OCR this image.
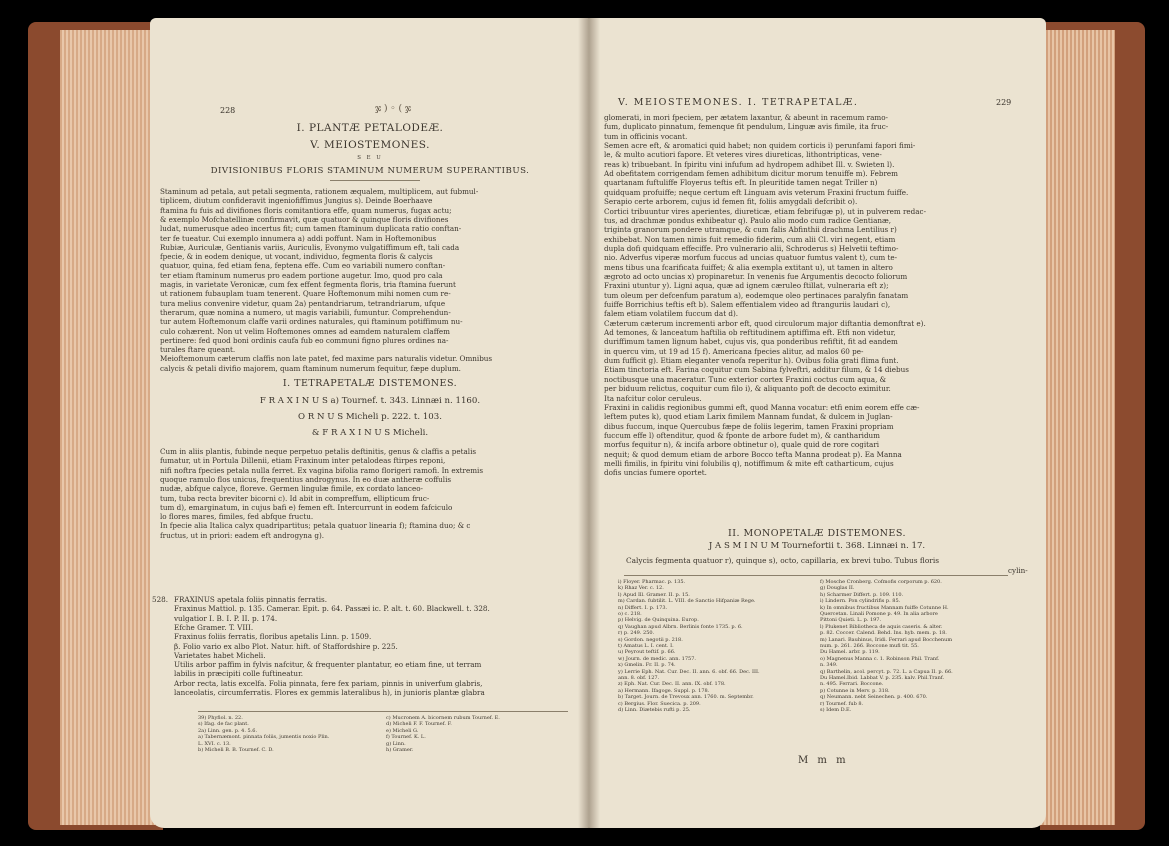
228	ჯ ) ◦ ( ჯ
I. PLANTÆ PETALODEÆ.
V. MEIOSTEMONES.
S E U
DIVISIONIBUS FLORIS STAMINUM NUMERUM SUPERANTIBUS.
Staminum ad petala, aut petali segmenta, rationem æqualem, multiplicem, aut fubmul-
tiplicem, diutum confideravit ingeniofiffimus Jungius s). Deinde Boerhaave
ftamina fu fuis ad divifiones floris comitantiora effe, quam numerus, fugax actu;
& exemplo Mofchatellinæ confirmavit, quæ quatuor & quinque floris divifiones
ludat, numerusque adeo incertus fit; cum tamen ftaminum duplicata ratio conftan-
ter fe tueatur. Cui exemplo innumera a) addi poffunt. Nam in Hoftemonibus
Rubiæ, Auriculæ, Gentianis variis, Auriculis, Evonymo vulgatiffimum eft, tali cada
fpecie, & in eodem denique, ut vocant, individuo, fegmenta floris & calycis
quatuor, quina, fed etiam fena, feptena effe. Cum eo variabili numero conftan-
ter etiam ftaminum numerus pro eadem portione augetur. Imo, quod pro cala
magis, in varietate Veronicæ, cum fex effent fegmenta floris, tria ftamina fuerunt
ut rationem fubauplam tuam tenerent. Quare Hoftemonum mihi nomen cum re-
tura melius convenire videtur, quam 2a) pentandriarum, tetrandriarum, ufque
therarum, quæ nomina a numero, ut magis variabili, fumuntur. Comprehendun-
tur autem Hoftemonum claffe varii ordines naturales, qui ftaminum potiffimum nu-
culo cohærent. Non ut velim Hoftemones omnes ad eamdem naturalem claffem
pertinere: fed quod boni ordinis caufa fub eo communi figno plures ordines na-
turales ftare queant.
Meioftemonum cæterum claffis non late patet, fed maxime pars naturalis videtur. Omnibus
calycis & petali divifio majorem, quam ftaminum numerum fequitur, fæpe duplum.
I. TETRAPETALÆ DISTEMONES.
F R A X I N U S a) Tournef. t. 343. Linnæi n. 1160.
O R N U S Micheli p. 222. t. 103.
& F R A X I N U S Micheli.
Cum in aliis plantis, fubinde neque perpetuo petalis deftinitis, genus & claffis a petalis
fumatur, ut in Portula Dillenii, etiam Fraxinum inter petalodeas ftirpes reponi,
nifi noftra fpecies petala nulla ferret. Ex vagina bifolia ramo florigeri ramofi. In extremis
quoque ramulo flos unicus, frequentius androgynus. In eo duæ antheræ coffulis
nudæ, abfque calyce, floreve. Germen lingulæ fimile, ex cordato lanceo-
tum, tuba recta breviter bicorni c). Id abit in compreffum, ellipticum fruc-
tum d), emarginatum, in cujus bafi e) femen eft. Intercurrunt in eodem fafciculo
lo flores mares, fimiles, fed abfque fructu.
In fpecie alia Italica calyx quadripartitus; petala quatuor linearia f); ftamina duo; & c
fructus, ut in priori: eadem eft androgyna g).
528. FRAXINUS apetala foliis pinnatis ferratis.
Fraxinus Mattiol. p. 135. Camerar. Epit. p. 64. Passæi ic. P. alt. t. 60. Blackwell. t. 328.
vulgatior I. B. I. P. II. p. 174.
Efche Gramer. T. VIII.
Fraxinus foliis ferratis, floribus apetalis Linn. p. 1509.
β. Folio vario ex albo Plot. Natur. hift. of Staffordshire p. 225.
Varietates habet Micheli.
Utilis arbor paffim in fylvis nafcitur, & frequenter plantatur, eo etiam fine, ut terram
labilis in præcipiti colle fuftineatur.
Arbor recta, latis excelfa. Folia pinnata, fere fex pariam, pinnis in univerfum glabris,
lanceolatis, circumferratis. Flores ex gemmis lateralibus h), in junioris plantæ glabra
39) Phyfiol. n. 22.
s) Ifag. de fac plant.
2a) Linn. gen. p. 4. 5.6.
a) Tabernæmont. pinnata foliis, jumentis noxio Plin.
L. XVI. c. 13.
b) Micheli B. B. Tournef. C. D.
c) Mucronem A. bicornem rubum Tournef. E.
d) Micheli F. F. Tournef. F.
e) Micheli G.
f) Tournef. K. L.
g) Linn.
h) Gramer.
V. MEIOSTEMONES. I. TETRAPETALÆ.	229
glomerati, in mori fpeciem, per ætatem laxantur, & abeunt in racemum ramo-
fum, duplicato pinnatum, femenque fit pendulum, Linguæ avis fimile, ita fruc-
tum in officinis vocant.
Semen acre eft, & aromatici quid habet; non quidem corticis i) perunfami fapori fimi-
le, & multo acutiori fapore. Et veteres vires diureticas, lithontripticas, vene-
reas k) tribuebant. In fpiritu vini infufum ad hydropem adhibet Ill. v. Swieten l).
Ad obefitatem corrigendam femen adhibitum dicitur morum tenuiffe m). Febrem
quartanam fuftuliffe Floyerus teftis eft. In pleuritide tamen negat Triller n)
quidquam profuiffe; neque certum eft Linguam avis veterum Fraxini fructum fuiffe.
Serapio certe arborem, cujus id femen fit, foliis amygdali defcribit o).
Cortici tribuuntur vires aperientes, diureticæ, etiam febrifugæ p), ut in pulverem redac-
tus, ad drachmæ pondus exhibeatur q). Paulo alio modo cum radice Gentianæ,
triginta granorum pondere utramque, & cum falis Abfinthii drachma Lentilius r)
exhibebat. Non tamen nimis fuit remedio fiderim, cum alii Cl. viri negent, etiam
dupla dofi quidquam effeciffe. Pro vulnerario alii, Schroderus s) Helvetii teftimo-
nio. Adverfus viperæ morfum fuccus ad uncias quatuor fumtus valent t), cum te-
mens tibus una fcarificata fuiffet; & alia exempla extitant u), ut tamen in altero
ægroto ad octo uncias x) propinaretur. In venenis fue Argumentis decocto foliorum
Fraxini utuntur y). Ligni aqua, quæ ad ignem cæruleo ftillat, vulneraria eft z);
tum oleum per defcenfum paratum a), eodemque oleo pertinaces paralyfin fanatam
fuiffe Borrichius teftis eft b). Salem effentialem video ad ftranguriis laudari c),
falem etiam volatilem fuccum dat d).
Cæterum cæterum incrementi arbor eft, quod circulorum major diftantia demonftrat e).
Ad temones, & lanceatum haftilia ob reftitudinem aptiffima eft. Etfi non videtur,
duriffimum tamen lignum habet, cujus vis, qua ponderibus refiftit, fit ad eandem
in quercu vim, ut 19 ad 15 f). Americana fpecies alitur, ad malos 60 pe-
dum fufficit g). Etiam eleganter venofa reperitur h). Ovibus folia grati flima funt.
Etiam tinctoria eft. Farina coquitur cum Sabina fylveftri, additur filum, & 14 diebus
noctibusque una maceratur. Tunc exterior cortex Fraxini coctus cum aqua, &
per biduum relictus, coquitur cum filo i), & aliquanto poft de decocto eximitur.
Ita nafcitur color ceruleus.
Fraxini in calidis regionibus gummi eft, quod Manna vocatur: etfi enim eorem effe cæ-
leftem putes k), quod etiam Larix fimilem Mannam fundat, & dulcem in Juglan-
dibus fuccum, inque Quercubus fæpe de foliis legerim, tamen Fraxini propriam
fuccum effe l) oftenditur, quod & fponte de arbore fudet m), & cantharidum
morfus fequitur n), & incifa arbore obtinetur o), quale quid de rore cogitari
nequit; & quod demum etiam de arbore Bocco tefta Manna prodeat p). Ea Manna
melli fimilis, in fpiritu vini folubilis q), notiffimum & mite eft catharticum, cujus
dofis uncias fumere oportet.
II. MONOPETALÆ DISTEMONES.
J A S M I N U M Tournefortii t. 368. Linnæi n. 17.
Calycis fegmenta quatuor r), quinque s), octo, capillaria, ex brevi tubo. Tubus floris
cylin-
i) Floyer. Pharmac. p. 135.
k) Rhaz Ver. c. 12.
l) Apud Ill. Gramer. II. p. 15.
m) Cardan. fubtilit. L. VIII. de Sanctio Hifpaniæ Rege.
n) Differt. I. p. 173.
o) c. 218.
p) Helvig. de Quinquina. Europ.
q) Vaughan apud Albrn. Berlinis fonte 1735. p. 6.
r) p. 249. 250.
s) Gordon. negotii p. 218.
t) Amatus L. I. cent. I.
u) Peyrout teftif. p. 66.
w) Journ. de medic. ann. 1757.
x) Gmelin. Fr. II. p. 74.
y) Lerrie Eph. Nat. Cur. Dec. II. ann. 6. obf. 66. Dec. III.
ann. 8. obf. 127.
z) Eph. Nat. Cur. Dec. II. ann. IX. obf. 178.
a) Hermann. Ifagoge. Suppl. p. 178.
b) Target. Journ. de Trevoux ann. 1760. m. Septembr.
c) Bergius. Flor. Suecica. p. 209.
d) Linn. Diætebis rufti p. 25.
f) Mosche Cronberg. Cofmofis corporum p. 620.
g) Douglas II.
h) Scharmer Differt. p. 109. 110.
i) Lindern. Pon cylindrifis p. 85.
k) In omnibus fructibus Mannam fuiffe Cotunne H.
Quercetan. Linali Pomone p. 49. In alia arbore
Pittoni Quieti. L. p. 197.
l) Plukenet Bibliotheca de aquis caseris. & alter.
p. 82. Coccer. Calend. Behd. Ins. hyb. mem. p. 18.
m) Lanari. Bauhinus, Iridi. Ferrari apud Bocchenum
num. p. 261. 266. Boccone mufi tit. 55.
Du Hamel. arbr. p. 119.
o) Magnenus Manna c. 1. Robinson Phil. Tranf.
n. 349.
q) Barthelin, acol. percyt. p. 72. L. a Capua II. p. 66.
Du Hamel.Ibid. Labbat V. p. 235. kalv. Phil.Tranf.
n. 495. Ferrari. Boccone.
p) Cotunne in Merv. p. 318.
q) Neumann. nebt Seinechen. p. 400. 670.
r) Tournef. fub 8.
s) Idem D.E.
M m m
